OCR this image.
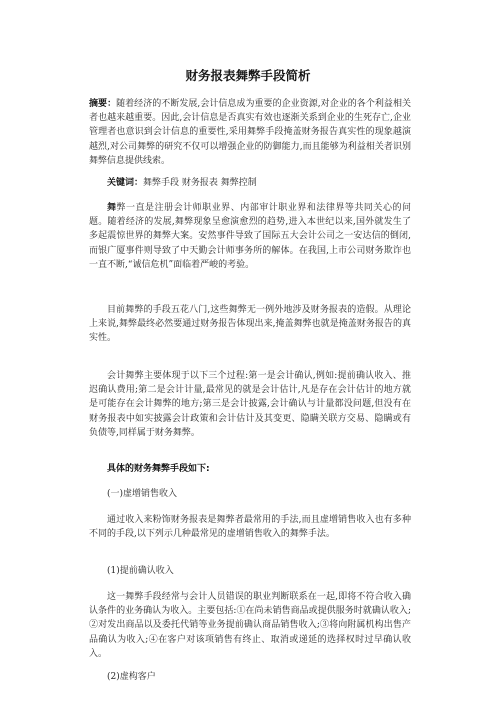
财务报表舞弊手段简析
摘要：随着经济的不断发展,会计信息成为重要的企业资源,对企业的各个利益相关者也越来越重要。因此,会计信息是否真实有效也逐渐关系到企业的生死存亡,企业管理者也意识到会计信息的重要性,采用舞弊手段掩盖财务报告真实性的现象越演越烈,对公司舞弊的研究不仅可以增强企业的防御能力,而且能够为利益相关者识别舞弊信息提供线索。
关键词：舞弊手段 财务报表 舞弊控制
舞弊一直是注册会计师职业界、内部审计职业界和法律界等共同关心的问题。随着经济的发展,舞弊现象呈愈演愈烈的趋势,进入本世纪以来,国外就发生了多起震惊世界的舞弊大案。安然事件导致了国际五大会计公司之一安达信的倒闭,而银广厦事件则导致了中天勤会计师事务所的解体。在我国,上市公司财务欺诈也一直不断,“诚信危机”面临着严峻的考验。
目前舞弊的手段五花八门,这些舞弊无一例外地涉及财务报表的造假。从理论上来说,舞弊最终必然要通过财务报告体现出来,掩盖舞弊也就是掩盖财务报告的真实性。
会计舞弊主要体现于以下三个过程:第一是会计确认,例如:提前确认收入、推迟确认费用;第二是会计计量,最常见的就是会计估计,凡是存在会计估计的地方就是可能存在会计舞弊的地方;第三是会计披露,会计确认与计量都没问题,但没有在财务报表中如实披露会计政策和会计估计及其变更、隐瞒关联方交易、隐瞒或有负债等,同样属于财务舞弊。
具体的财务舞弊手段如下:
(一)虚增销售收入
通过收入来粉饰财务报表是舞弊者最常用的手法,而且虚增销售收入也有多种不同的手段,以下列示几种最常见的虚增销售收入的舞弊手法。
(1)提前确认收入
这一舞弊手段经常与会计人员错误的职业判断联系在一起,即将不符合收入确认条件的业务确认为收入。主要包括:①在尚未销售商品或提供服务时就确认收入;②对发出商品以及委托代销等业务提前确认商品销售收入;③将向附属机构出售产品确认为收入;④在客户对该项销售有终止、取消或递延的选择权时过早确认收入。
(2)虚构客户
